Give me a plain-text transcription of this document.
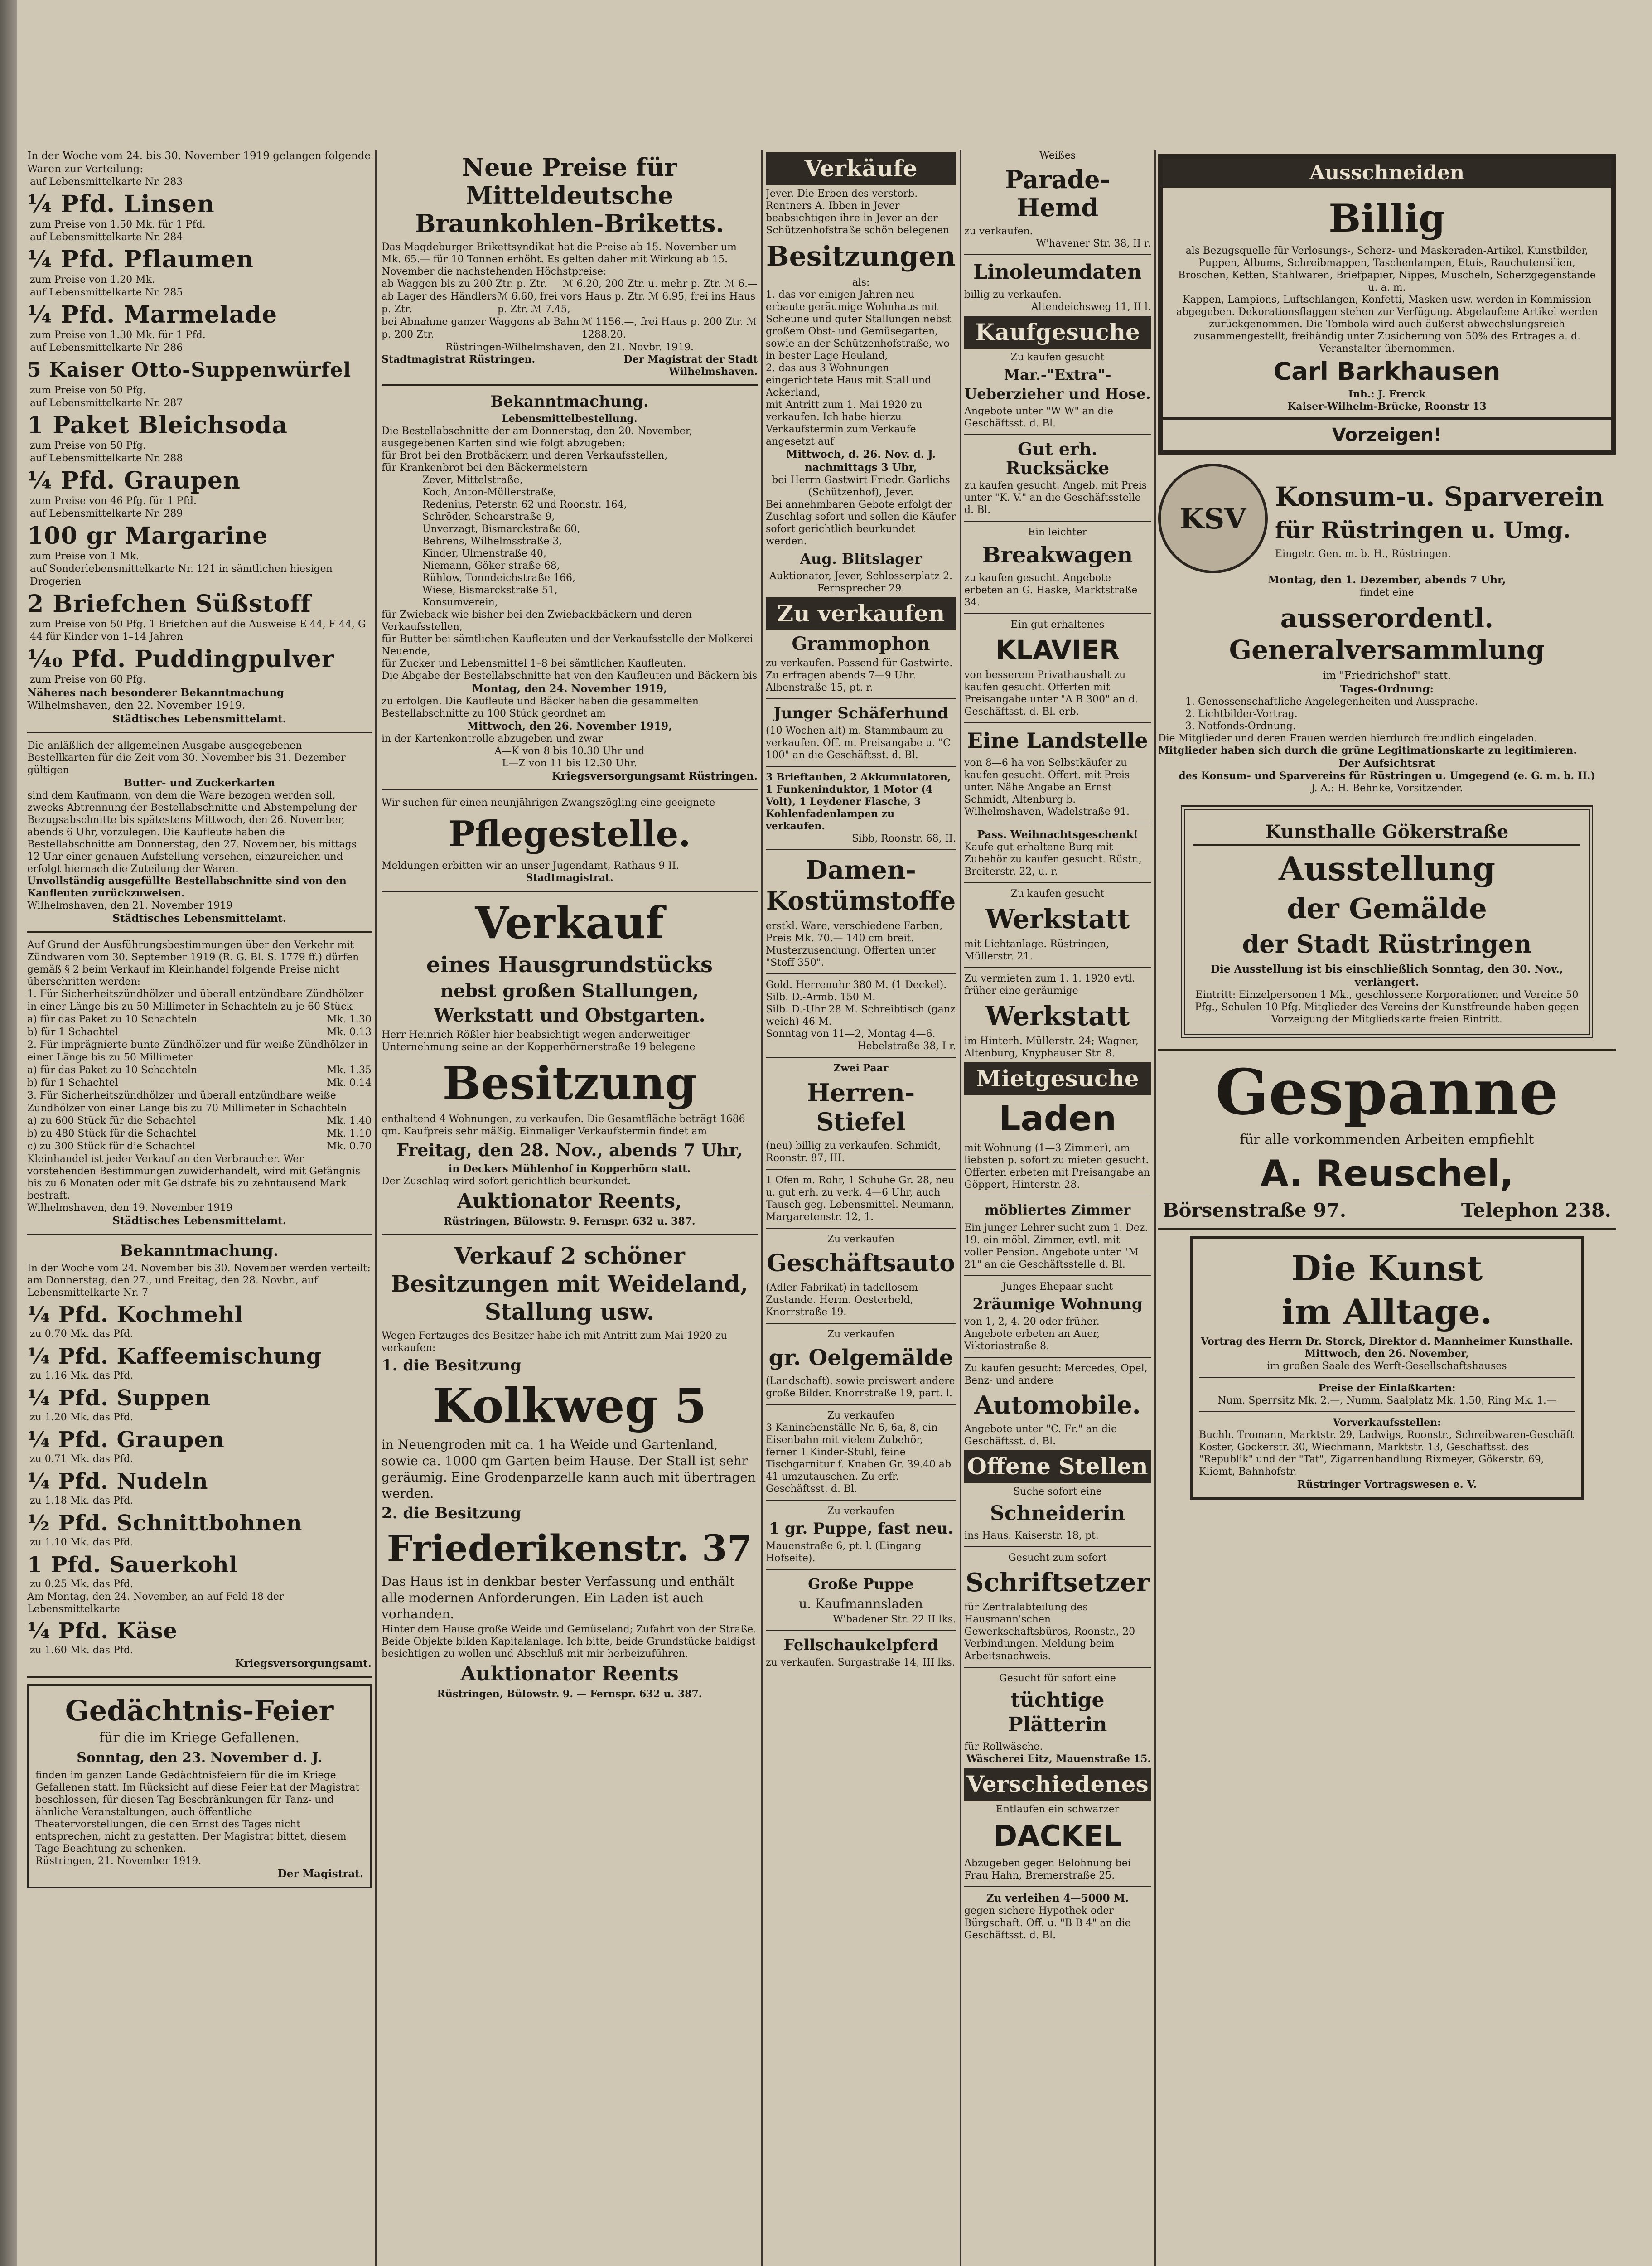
In der Woche vom 24. bis 30. November 1919 gelangen folgende Waren zur Verteilung:

auf Lebensmittelkarte Nr. 283

¼ Pfd. Linsen

zum Preise von 1.50 Mk. für 1 Pfd.

auf Lebensmittelkarte Nr. 284

¼ Pfd. Pflaumen

zum Preise von 1.20 Mk.

auf Lebensmittelkarte Nr. 285

¼ Pfd. Marmelade

zum Preise von 1.30 Mk. für 1 Pfd.

auf Lebensmittelkarte Nr. 286

5 Kaiser Otto-Suppenwürfel

zum Preise von 50 Pfg.

auf Lebensmittelkarte Nr. 287

1 Paket Bleichsoda

zum Preise von 50 Pfg.

auf Lebensmittelkarte Nr. 288

¼ Pfd. Graupen

zum Preise von 46 Pfg. für 1 Pfd.

auf Lebensmittelkarte Nr. 289

100 gr Margarine

zum Preise von 1 Mk.

auf Sonderlebensmittelkarte Nr. 121 in sämtlichen hiesigen Drogerien

2 Briefchen Süßstoff

zum Preise von 50 Pfg. 1 Briefchen auf die Ausweise E 44, F 44, G 44 für Kinder von 1–14 Jahren

¼₀ Pfd. Puddingpulver

zum Preise von 60 Pfg.

Näheres nach besonderer Bekanntmachung

Wilhelmshaven, den 22. November 1919.

Städtisches Lebensmittelamt.

Die anläßlich der allgemeinen Ausgabe ausgegebenen Bestellkarten für die Zeit vom 30. November bis 31. Dezember gültigen

Butter- und Zuckerkarten

sind dem Kaufmann, von dem die Ware bezogen werden soll, zwecks Abtrennung der Bestellabschnitte und Abstempelung der Bezugsabschnitte bis spätestens Mittwoch, den 26. November, abends 6 Uhr, vorzulegen. Die Kaufleute haben die Bestellabschnitte am Donnerstag, den 27. November, bis mittags 12 Uhr einer genauen Aufstellung versehen, einzureichen und erfolgt hiernach die Zuteilung der Waren.

Unvollständig ausgefüllte Bestellabschnitte sind von den Kaufleuten zurückzuweisen.

Wilhelmshaven, den 21. November 1919

Städtisches Lebensmittelamt.

Auf Grund der Ausführungsbestimmungen über den Verkehr mit Zündwaren vom 30. September 1919 (R. G. Bl. S. 1779 ff.) dürfen gemäß § 2 beim Verkauf im Kleinhandel folgende Preise nicht überschritten werden:

1. Für Sicherheitszündhölzer und überall entzündbare Zündhölzer in einer Länge bis zu 50 Millimeter in Schachteln zu je 60 Stück
a) für das Paket zu 10 Schachteln	Mk. 1.30
b) für 1 Schachtel	Mk. 0.13
2. Für imprägnierte bunte Zündhölzer und für weiße Zündhölzer in einer Länge bis zu 50 Millimeter
a) für das Paket zu 10 Schachteln	Mk. 1.35
b) für 1 Schachtel	Mk. 0.14
3. Für Sicherheitszündhölzer und überall entzündbare weiße Zündhölzer von einer Länge bis zu 70 Millimeter in Schachteln
a) zu 600 Stück für die Schachtel	Mk. 1.40
b) zu 480 Stück für die Schachtel	Mk. 1.10
c) zu 300 Stück für die Schachtel	Mk. 0.70

Kleinhandel ist jeder Verkauf an den Verbraucher. Wer vorstehenden Bestimmungen zuwiderhandelt, wird mit Gefängnis bis zu 6 Monaten oder mit Geldstrafe bis zu zehntausend Mark bestraft.

Wilhelmshaven, den 19. November 1919

Städtisches Lebensmittelamt.

Bekanntmachung.

In der Woche vom 24. November bis 30. November werden verteilt: am Donnerstag, den 27., und Freitag, den 28. Novbr., auf Lebensmittelkarte Nr. 7

¼ Pfd. Kochmehl

zu 0.70 Mk. das Pfd.

¼ Pfd. Kaffeemischung

zu 1.16 Mk. das Pfd.

¼ Pfd. Suppen

zu 1.20 Mk. das Pfd.

¼ Pfd. Graupen

zu 0.71 Mk. das Pfd.

¼ Pfd. Nudeln

zu 1.18 Mk. das Pfd.

½ Pfd. Schnittbohnen

zu 1.10 Mk. das Pfd.

1 Pfd. Sauerkohl

zu 0.25 Mk. das Pfd.

Am Montag, den 24. November, an auf Feld 18 der Lebensmittelkarte

¼ Pfd. Käse

zu 1.60 Mk. das Pfd.

Kriegsversorgungsamt.

Gedächtnis-Feier

für die im Kriege Gefallenen.

Sonntag, den 23. November d. J.

finden im ganzen Lande Gedächtnisfeiern für die im Kriege Gefallenen statt. Im Rücksicht auf diese Feier hat der Magistrat beschlossen, für diesen Tag Beschränkungen für Tanz- und ähnliche Veranstaltungen, auch öffentliche Theatervorstellungen, die den Ernst des Tages nicht entsprechen, nicht zu gestatten. Der Magistrat bittet, diesem Tage Beachtung zu schenken.

Rüstringen, 21. November 1919.

Der Magistrat.

Neue Preise für Mitteldeutsche Braunkohlen-Briketts.

Das Magdeburger Brikettsyndikat hat die Preise ab 15. November um Mk. 65.— für 10 Tonnen erhöht. Es gelten daher mit Wirkung ab 15. November die nachstehenden Höchstpreise:

ab Waggon bis zu 200 Ztr. p. Ztr. ℳ 6.20, 200 Ztr. u. mehr p. Ztr. ℳ 6.—
ab Lager des Händlers p. Ztr.
ℳ 6.60, frei vors Haus p. Ztr. ℳ 6.95, frei ins Haus p. Ztr. ℳ 7.45,
bei Abnahme ganzer Waggons ab Bahn p. 200 Ztr.
ℳ 1156.—, frei Haus p. 200 Ztr. ℳ 1288.20.

Rüstringen-Wilhelmshaven, den 21. Novbr. 1919.

Stadtmagistrat Rüstringen.	Der Magistrat der Stadt Wilhelmshaven.

Bekanntmachung.

Lebensmittelbestellung.

Die Bestellabschnitte der am Donnerstag, den 20. November, ausgegebenen Karten sind wie folgt abzugeben:

für Brot bei den Brotbäckern und deren Verkaufsstellen,

für Krankenbrot bei den Bäckermeistern

Zever, Mittelstraße,

Koch, Anton-Müllerstraße,

Redenius, Peterstr. 62 und Roonstr. 164,

Schröder, Schoarstraße 9,

Unverzagt, Bismarckstraße 60,

Behrens, Wilhelmsstraße 3,

Kinder, Ulmenstraße 40,

Niemann, Göker straße 68,

Rühlow, Tonndeichstraße 166,

Wiese, Bismarckstraße 51,

Konsumverein,

für Zwieback wie bisher bei den Zwiebackbäckern und deren Verkaufsstellen,

für Butter bei sämtlichen Kaufleuten und der Verkaufsstelle der Molkerei Neuende,

für Zucker und Lebensmittel 1–8 bei sämtlichen Kaufleuten.

Die Abgabe der Bestellabschnitte hat von den Kaufleuten und Bäckern bis

Montag, den 24. November 1919,

zu erfolgen. Die Kaufleute und Bäcker haben die gesammelten Bestellabschnitte zu 100 Stück geordnet am

Mittwoch, den 26. November 1919,

in der Kartenkontrolle abzugeben und zwar

A—K von 8 bis 10.30 Uhr und

L—Z von 11 bis 12.30 Uhr.

Kriegsversorgungsamt Rüstringen.

Wir suchen für einen neunjährigen Zwangszögling eine geeignete

Pflegestelle.

Meldungen erbitten wir an unser Jugendamt, Rathaus 9 II.

Stadtmagistrat.

Verkauf

eines Hausgrundstücks

nebst großen Stallungen,

Werkstatt und Obstgarten.

Herr Heinrich Rößler hier beabsichtigt wegen anderweitiger Unternehmung seine an der Kopperhörnerstraße 19 belegene

Besitzung

enthaltend 4 Wohnungen, zu verkaufen. Die Gesamtfläche beträgt 1686 qm. Kaufpreis sehr mäßig. Einmaliger Verkaufstermin findet am

Freitag, den 28. Nov., abends 7 Uhr,

in Deckers Mühlenhof in Kopperhörn statt.

Der Zuschlag wird sofort gerichtlich beurkundet.

Auktionator Reents,

Rüstringen, Bülowstr. 9. Fernspr. 632 u. 387.

Verkauf 2 schöner Besitzungen mit Weideland, Stallung usw.

Wegen Fortzuges des Besitzer habe ich mit Antritt zum Mai 1920 zu verkaufen:

1. die Besitzung

Kolkweg 5

in Neuengroden mit ca. 1 ha Weide und Gartenland, sowie ca. 1000 qm Garten beim Hause. Der Stall ist sehr geräumig. Eine Grodenparzelle kann auch mit übertragen werden.

2. die Besitzung

Friederikenstr. 37

Das Haus ist in denkbar bester Verfassung und enthält alle modernen Anforderungen. Ein Laden ist auch vorhanden.

Hinter dem Hause große Weide und Gemüseland; Zufahrt von der Straße. Beide Objekte bilden Kapitalanlage. Ich bitte, beide Grundstücke baldigst besichtigen zu wollen und Abschluß mit mir herbeizuführen.

Auktionator Reents

Rüstringen, Bülowstr. 9. — Fernspr. 632 u. 387.

Verkäufe

Jever. Die Erben des verstorb. Rentners A. Ibben in Jever beabsichtigen ihre in Jever an der Schützenhofstraße schön belegenen

Besitzungen

als:

1. das vor einigen Jahren neu erbaute geräumige Wohnhaus mit Scheune und guter Stallungen nebst großem Obst- und Gemüsegarten, sowie an der Schützenhofstraße, wo in bester Lage Heuland,

2. das aus 3 Wohnungen eingerichtete Haus mit Stall und Ackerland,

mit Antritt zum 1. Mai 1920 zu verkaufen. Ich habe hierzu Verkaufstermin zum Verkaufe angesetzt auf

Mittwoch, d. 26. Nov. d. J. nachmittags 3 Uhr,

bei Herrn Gastwirt Friedr. Garlichs (Schützenhof), Jever.

Bei annehmbaren Gebote erfolgt der Zuschlag sofort und sollen die Käufer sofort gerichtlich beurkundet werden.

Aug. Blitslager

Auktionator, Jever, Schlosserplatz 2. Fernsprecher 29.

Zu verkaufen

Grammophon

zu verkaufen. Passend für Gastwirte. Zu erfragen abends 7—9 Uhr. Albenstraße 15, pt. r.

Junger Schäferhund

(10 Wochen alt) m. Stammbaum zu verkaufen. Off. m. Preisangabe u. "C 100" an die Geschäftsst. d. Bl.

3 Brieftauben, 2 Akkumulatoren, 1 Funkeninduktor, 1 Motor (4 Volt), 1 Leydener Flasche, 3 Kohlenfadenlampen zu verkaufen.

Sibb, Roonstr. 68, II.

Damen-Kostümstoffe

erstkl. Ware, verschiedene Farben, Preis Mk. 70.— 140 cm breit. Musterzusendung. Offerten unter "Stoff 350".

Gold. Herrenuhr 380 M. (1 Deckel).

Silb. D.-Armb. 150 M.

Silb. D.-Uhr 28 M. Schreibtisch (ganz weich) 46 M.

Sonntag von 11—2, Montag 4—6.

Hebelstraße 38, I r.

Zwei Paar

Herren-Stiefel

(neu) billig zu verkaufen. Schmidt, Roonstr. 87, III.

1 Ofen m. Rohr, 1 Schuhe Gr. 28, neu u. gut erh. zu verk. 4—6 Uhr, auch Tausch geg. Lebensmittel. Neumann, Margaretenstr. 12, 1.

Zu verkaufen

Geschäftsauto

(Adler-Fabrikat) in tadellosem Zustande. Herm. Oesterheld, Knorrstraße 19.

Zu verkaufen

gr. Oelgemälde

(Landschaft), sowie preiswert andere große Bilder. Knorrstraße 19, part. l.

Zu verkaufen

3 Kaninchenställe Nr. 6, 6a, 8, ein Eisenbahn mit vielem Zubehör, ferner 1 Kinder-Stuhl, feine Tischgarnitur f. Knaben Gr. 39.40 ab 41 umzutauschen. Zu erfr. Geschäftsst. d. Bl.

Zu verkaufen

1 gr. Puppe, fast neu.

Mauenstraße 6, pt. l. (Eingang Hofseite).

Große Puppe

u. Kaufmannsladen

W'badener Str. 22 II lks.

Fellschaukelpferd

zu verkaufen. Surgastraße 14, III lks.

Weißes

Parade-Hemd

zu verkaufen.

W'havener Str. 38, II r.

Linoleumdaten

billig zu verkaufen.

Altendeichsweg 11, II l.

Kaufgesuche

Zu kaufen gesucht

Mar.-"Extra"-Ueberzieher und Hose.

Angebote unter "W W" an die Geschäftsst. d. Bl.

Gut erh. Rucksäcke

zu kaufen gesucht. Angeb. mit Preis unter "K. V." an die Geschäftsstelle d. Bl.

Ein leichter

Breakwagen

zu kaufen gesucht. Angebote erbeten an G. Haske, Marktstraße 34.

Ein gut erhaltenes

KLAVIER

von besserem Privathaushalt zu kaufen gesucht. Offerten mit Preisangabe unter "A B 300" an d. Geschäftsst. d. Bl. erb.

Eine Landstelle

von 8—6 ha von Selbstkäufer zu kaufen gesucht. Offert. mit Preis unter. Nähe Angabe an Ernst Schmidt, Altenburg b. Wilhelmshaven, Wadelstraße 91.

Pass. Weihnachtsgeschenk!

Kaufe gut erhaltene Burg mit Zubehör zu kaufen gesucht. Rüstr., Breiterstr. 22, u. r.

Zu kaufen gesucht

Werkstatt

mit Lichtanlage. Rüstringen, Müllerstr. 21.

Zu vermieten zum 1. 1. 1920 evtl. früher eine geräumige

Werkstatt

im Hinterh. Müllerstr. 24; Wagner, Altenburg, Knyphauser Str. 8.

Mietgesuche

Laden

mit Wohnung (1—3 Zimmer), am liebsten p. sofort zu mieten gesucht. Offerten erbeten mit Preisangabe an Göppert, Hinterstr. 28.

möbliertes Zimmer

Ein junger Lehrer sucht zum 1. Dez. 19. ein möbl. Zimmer, evtl. mit voller Pension. Angebote unter "M 21" an die Geschäftsstelle d. Bl.

Junges Ehepaar sucht

2räumige Wohnung

von 1, 2, 4. 20 oder früher. Angebote erbeten an Auer, Viktoriastraße 8.

Zu kaufen gesucht: Mercedes, Opel, Benz- und andere

Automobile.

Angebote unter "C. Fr." an die Geschäftsst. d. Bl.

Offene Stellen

Suche sofort eine

Schneiderin

ins Haus. Kaiserstr. 18, pt.

Gesucht zum sofort

Schriftsetzer

für Zentralabteilung des Hausmann'schen Gewerkschaftsbüros, Roonstr., 20 Verbindungen. Meldung beim Arbeitsnachweis.

Gesucht für sofort eine

tüchtige Plätterin

für Rollwäsche.

Wäscherei Eitz, Mauenstraße 15.

Verschiedenes

Entlaufen ein schwarzer

DACKEL

Abzugeben gegen Belohnung bei Frau Hahn, Bremerstraße 25.

Zu verleihen 4—5000 M.

gegen sichere Hypothek oder Bürgschaft. Off. u. "B B 4" an die Geschäftsst. d. Bl.

Ausschneiden

Billig

als Bezugsquelle für Verlosungs-, Scherz- und Maskeraden-Artikel, Kunstbilder, Puppen, Albums, Schreibmappen, Taschenlampen, Etuis, Rauchutensilien, Broschen, Ketten, Stahlwaren, Briefpapier, Nippes, Muscheln, Scherzgegenstände u. a. m.

Kappen, Lampions, Luftschlangen, Konfetti, Masken usw. werden in Kommission abgegeben. Dekorationsflaggen stehen zur Verfügung. Abgelaufene Artikel werden zurückgenommen. Die Tombola wird auch äußerst abwechslungsreich zusammengestellt, freihändig unter Zusicherung von 50% des Ertrages a. d. Veranstalter übernommen.

Carl Barkhausen

Inh.: J. Frerck

Kaiser-Wilhelm-Brücke, Roonstr 13

Vorzeigen!

KSV

Konsum-u. Sparverein

für Rüstringen u. Umg.

Eingetr. Gen. m. b. H., Rüstringen.

Montag, den 1. Dezember, abends 7 Uhr,

findet eine

ausserordentl. Generalversammlung

im "Friedrichshof" statt.

Tages-Ordnung:

1. Genossenschaftliche Angelegenheiten und Aussprache.

2. Lichtbilder-Vortrag.

3. Notfonds-Ordnung.

Die Mitglieder und deren Frauen werden hierdurch freundlich eingeladen.

Mitglieder haben sich durch die grüne Legitimationskarte zu legitimieren.

Der Aufsichtsrat

des Konsum- und Sparvereins für Rüstringen u. Umgegend (e. G. m. b. H.)

J. A.: H. Behnke, Vorsitzender.

Kunsthalle Gökerstraße

Ausstellung

der Gemälde

der Stadt Rüstringen

Die Ausstellung ist bis einschließlich Sonntag, den 30. Nov., verlängert.

Eintritt: Einzelpersonen 1 Mk., geschlossene Korporationen und Vereine 50 Pfg., Schulen 10 Pfg. Mitglieder des Vereins der Kunstfreunde haben gegen Vorzeigung der Mitgliedskarte freien Eintritt.

Gespanne

für alle vorkommenden Arbeiten empfiehlt

A. Reuschel,

Börsenstraße 97.	Telephon 238.

Die Kunst

im Alltage.

Vortrag des Herrn Dr. Storck, Direktor d. Mannheimer Kunsthalle.

Mittwoch, den 26. November,

im großen Saale des Werft-Gesellschaftshauses

Preise der Einlaßkarten:

Num. Sperrsitz Mk. 2.—, Numm. Saalplatz Mk. 1.50, Ring Mk. 1.—

Vorverkaufsstellen:

Buchh. Tromann, Marktstr. 29, Ladwigs, Roonstr., Schreibwaren-Geschäft Köster, Göckerstr. 30, Wiechmann, Marktstr. 13, Geschäftsst. des "Republik" und der "Tat", Zigarrenhandlung Rixmeyer, Gökerstr. 69, Kliemt, Bahnhofstr.

Rüstringer Vortragswesen e. V.
